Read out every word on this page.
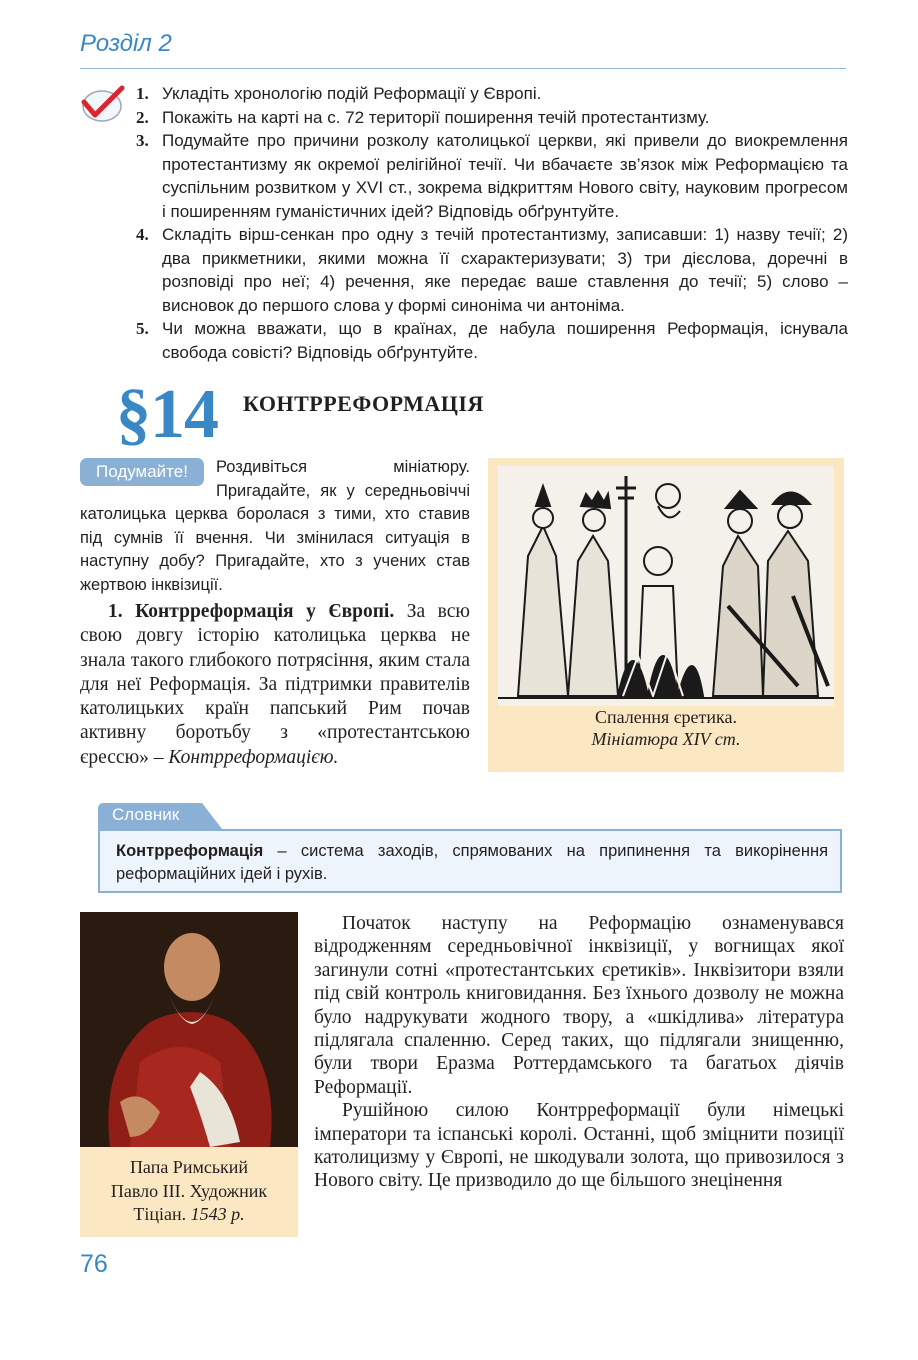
Розділ 2
1. Укладіть хронологію подій Реформації у Європі.
2. Покажіть на карті на с. 72 території поширення течій протестантизму.
3. Подумайте про причини розколу католицької церкви, які привели до виокремлення протестантизму як окремої релігійної течії. Чи вбачаєте зв’язок між Реформацією та суспільним розвитком у XVI ст., зокрема відкриттям Нового світу, науковим прогресом і поширенням гуманістичних ідей? Відповідь обґрунтуйте.
4. Складіть вірш-сенкан про одну з течій протестантизму, записавши: 1) назву течії; 2) два прикметники, якими можна її схарактеризувати; 3) три дієслова, доречні в розповіді про неї; 4) речення, яке передає ваше ставлення до течії; 5) слово – висновок до першого слова у формі синоніма чи антоніма.
5. Чи можна вважати, що в країнах, де набула поширення Реформація, існувала свобода совісті? Відповідь обґрунтуйте.
§14 КОНТРРЕФОРМАЦІЯ
Подумайте!	Роздивіться мініатюру. Пригадайте, як у середньовіччі католицька церква боролася з тими, хто ставив під сумнів її вчення. Чи змінилася ситуація в наступну добу? Пригадайте, хто з учених став жертвою інквізиції.
1. Контрреформація у Європі. За всю свою довгу історію католицька церква не знала такого глибокого потрясіння, яким стала для неї Реформація. За підтримки правителів католицьких країн папський Рим почав активну боротьбу з «протестантською єрессю» – Контрреформацією.
Спалення єретика.
Мініатюра XIV ст.
Словник
Контрреформація – система заходів, спрямованих на припинення та викорінення реформаційних ідей і рухів.
Папа Римський
Павло III. Художник
Тіціан. 1543 р.

Початок наступу на Реформацію ознаменувався відродженням середньовічної інквізиції, у вогнищах якої загинули сотні «протестантських єретиків». Інквізитори взяли під свій контроль книговидання. Без їхнього дозволу не можна було надрукувати жодного твору, а «шкідлива» література підлягала спаленню. Серед таких, що підлягали знищенню, були твори Еразма Роттердамського та багатьох діячів Реформації.

Рушійною силою Контрреформації були німецькі імператори та іспанські королі. Останні, щоб зміцнити позиції католицизму у Європі, не шкодували золота, що привозилося з Нового світу. Це призводило до ще більшого знецінення

76
